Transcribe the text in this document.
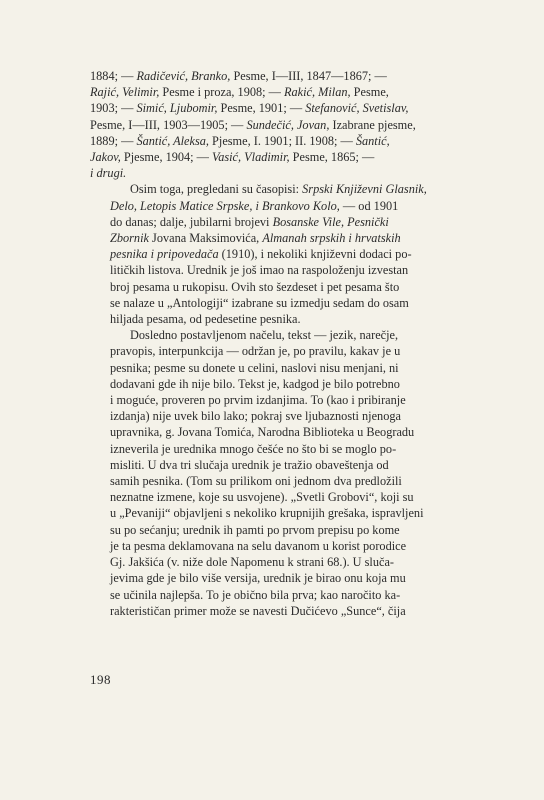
1884; — Radičević, Branko, Pesme, I—III, 1847—1867; —
Rajić, Velimir, Pesme i proza, 1908; — Rakić, Milan, Pesme,
1903; — Simić, Ljubomir, Pesme, 1901; — Stefanović, Svetislav,
Pesme, I—III, 1903—1905; — Sundečić, Jovan, Izabrane pjesme,
1889; — Šantić, Aleksa, Pjesme, I. 1901; II. 1908; — Šantić,
Jakov, Pjesme, 1904; — Vasić, Vladimir, Pesme, 1865; —
i drugi.

Osim toga, pregledani su časopisi: Srpski Književni Glasnik,
Delo, Letopis Matice Srpske, i Brankovo Kolo, — od 1901
do danas; dalje, jubilarni brojevi Bosanske Vile, Pesnički
Zbornik Jovana Maksimovića, Almanah srpskih i hrvatskih
pesnika i pripovedača (1910), i nekoliki književni dodaci po-
litičkih listova. Urednik je još imao na raspoloženju izvestan
broj pesama u rukopisu. Ovih sto šezdeset i pet pesama što
se nalaze u „Antologiji“ izabrane su izmedju sedam do osam
hiljada pesama, od pedesetine pesnika.

Dosledno postavljenom načelu, tekst — jezik, narečje,
pravopis, interpunkcija — održan je, po pravilu, kakav je u
pesnika; pesme su donete u celini, naslovi nisu menjani, ni
dodavani gde ih nije bilo. Tekst je, kadgod je bilo potrebno
i moguće, proveren po prvim izdanjima. To (kao i pribiranje
izdanja) nije uvek bilo lako; pokraj sve ljubaznosti njenoga
upravnika, g. Jovana Tomića, Narodna Biblioteka u Beogradu
izneverila je urednika mnogo češće no što bi se moglo po-
misliti. U dva tri slučaja urednik je tražio obaveštenja od
samih pesnika. (Tom su prilikom oni jednom dva predložili
neznatne izmene, koje su usvojene). „Svetli Grobovi“, koji su
u „Pevaniji“ objavljeni s nekoliko krupnijih grešaka, ispravljeni
su po sećanju; urednik ih pamti po prvom prepisu po kome
je ta pesma deklamovana na selu davanom u korist porodice
Gj. Jakšića (v. niže dole Napomenu k strani 68.). U sluča-
jevima gde je bilo više versija, urednik je birao onu koja mu
se učinila najlepša. To je obično bila prva; kao naročito ka-
rakterističan primer može se navesti Dučićevo „Sunce“, čija

198
